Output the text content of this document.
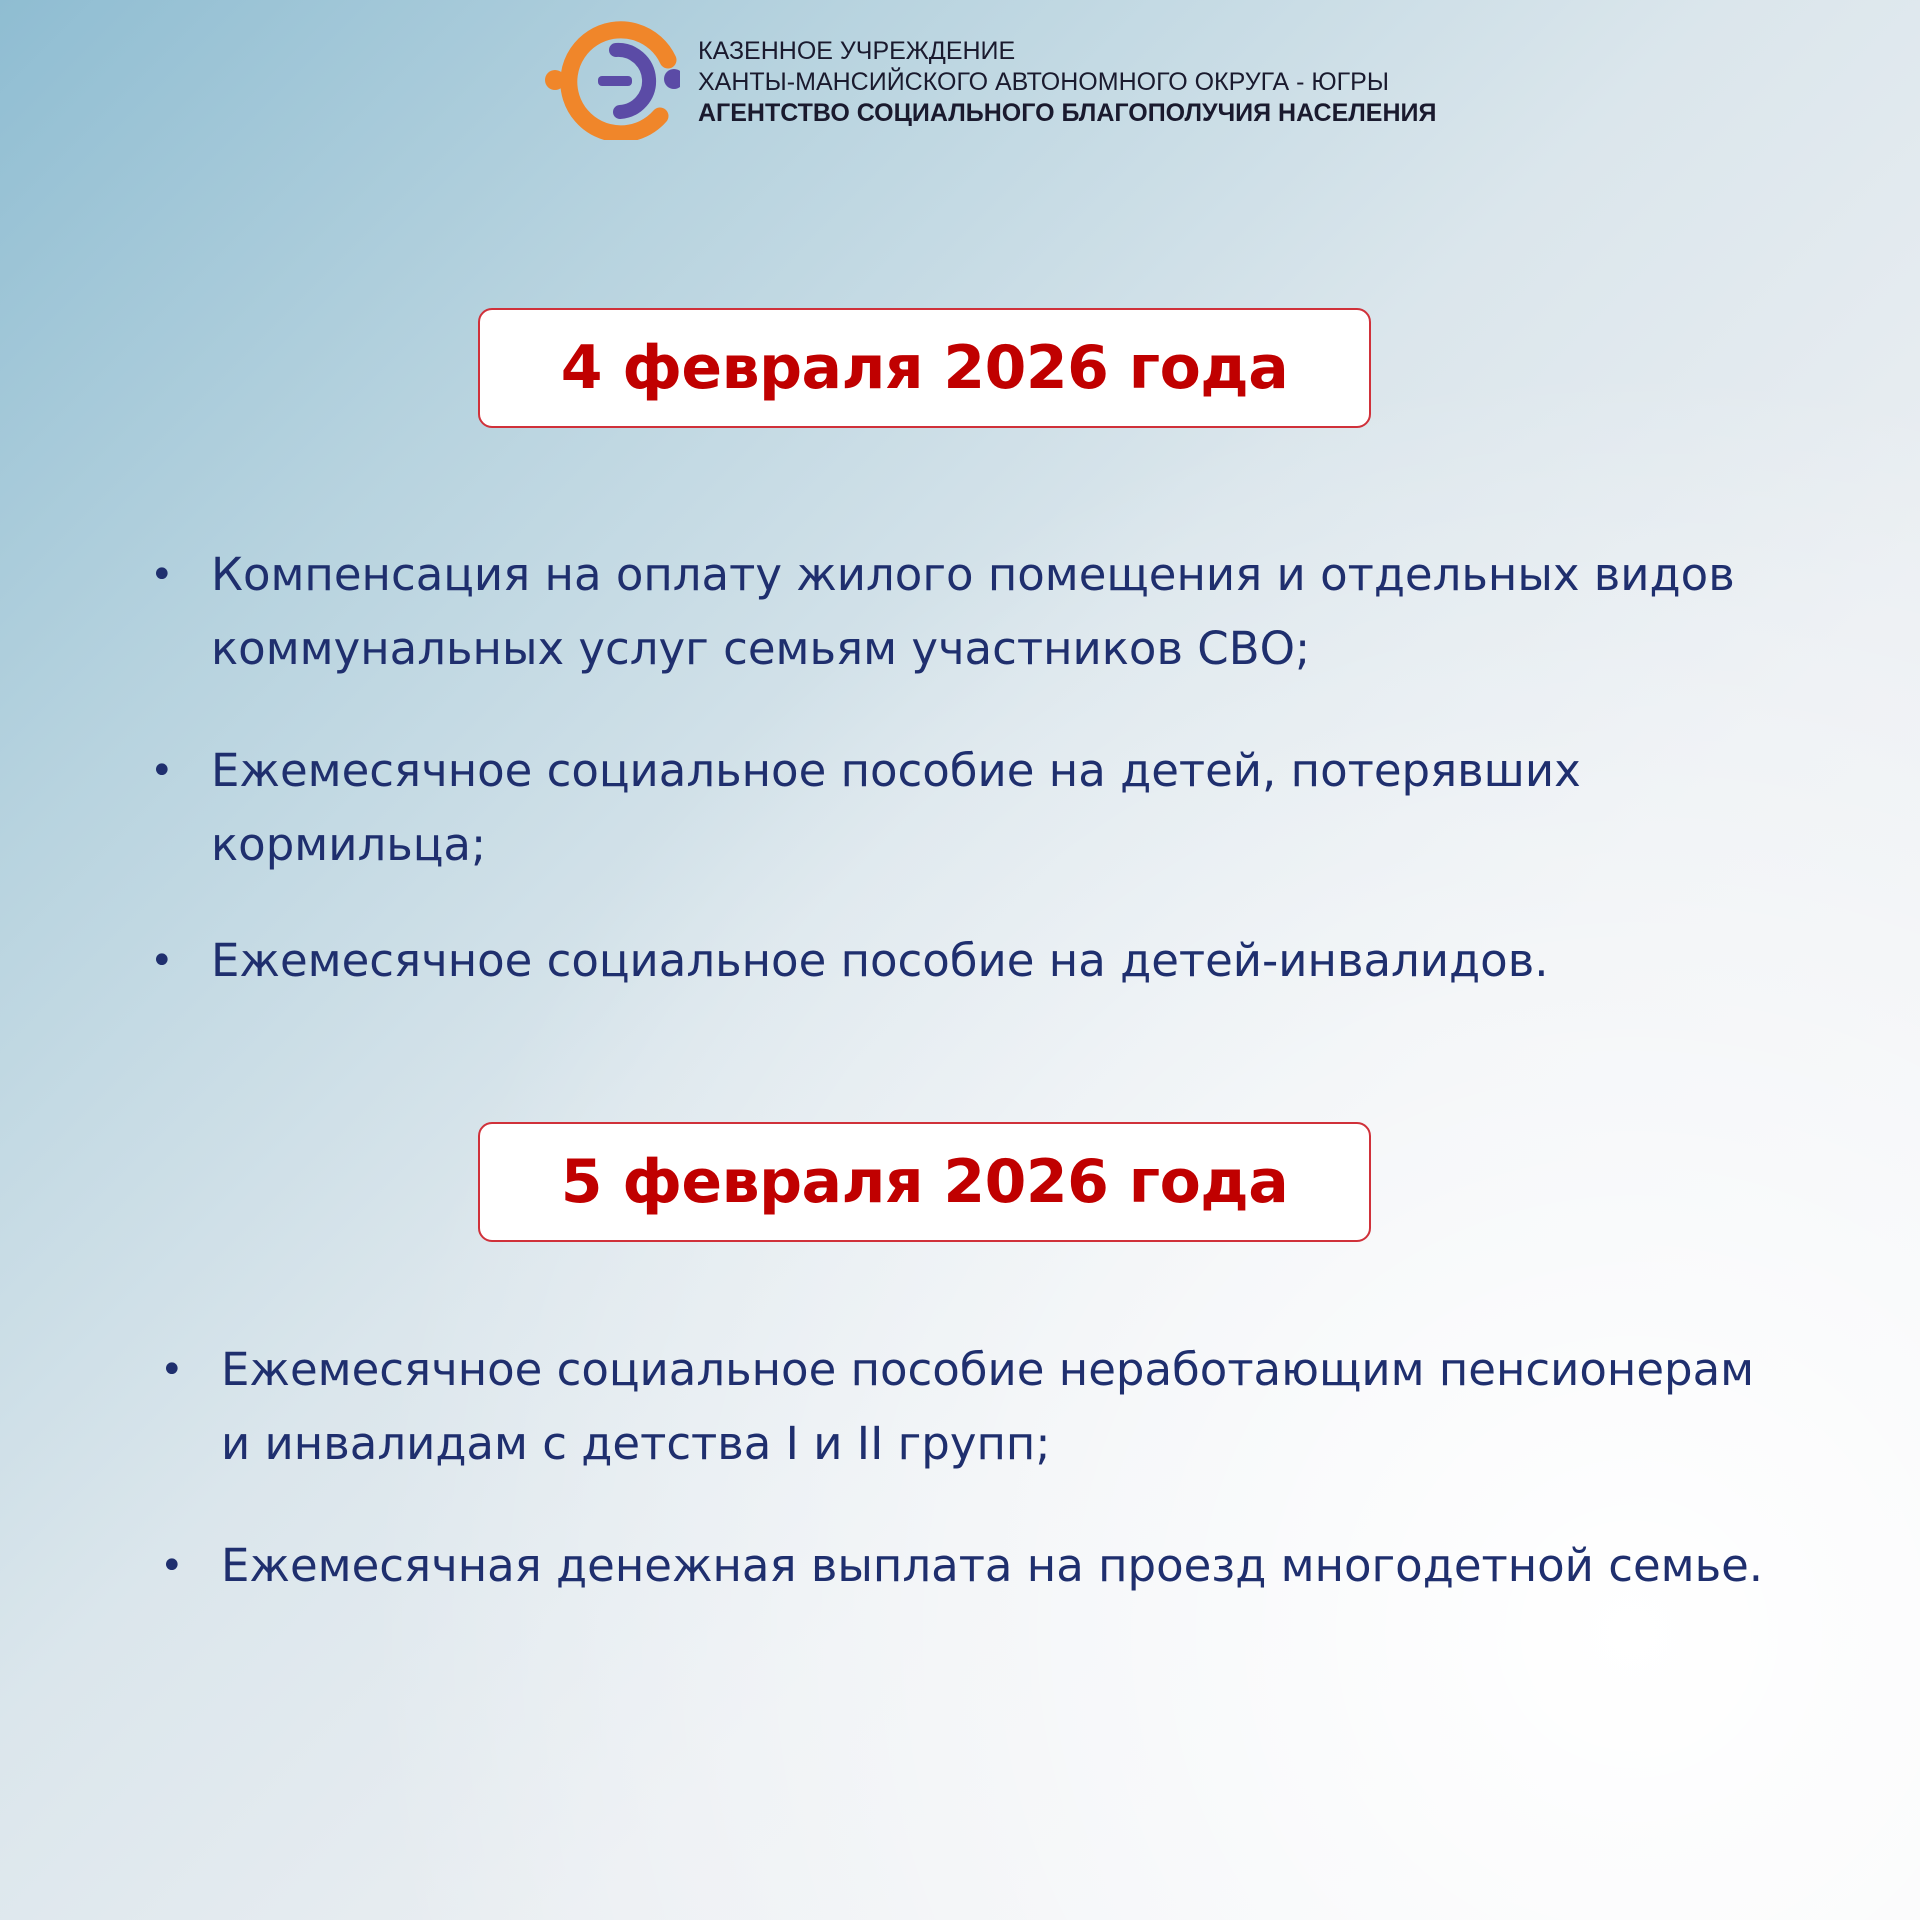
КАЗЕННОЕ УЧРЕЖДЕНИЕ
ХАНТЫ-МАНСИЙСКОГО АВТОНОМНОГО ОКРУГА - ЮГРЫ
АГЕНТСТВО СОЦИАЛЬНОГО БЛАГОПОЛУЧИЯ НАСЕЛЕНИЯ
4 февраля 2026 года
• Компенсация на оплату жилого помещения и отдельных видов коммунальных услуг семьям участников СВО;
• Ежемесячное социальное пособие на детей, потерявших кормильца;
• Ежемесячное социальное пособие на детей-инвалидов.
5 февраля 2026 года
• Ежемесячное социальное пособие неработающим пенсионерам и инвалидам с детства I и II групп;
• Ежемесячная денежная выплата на проезд многодетной семье.
